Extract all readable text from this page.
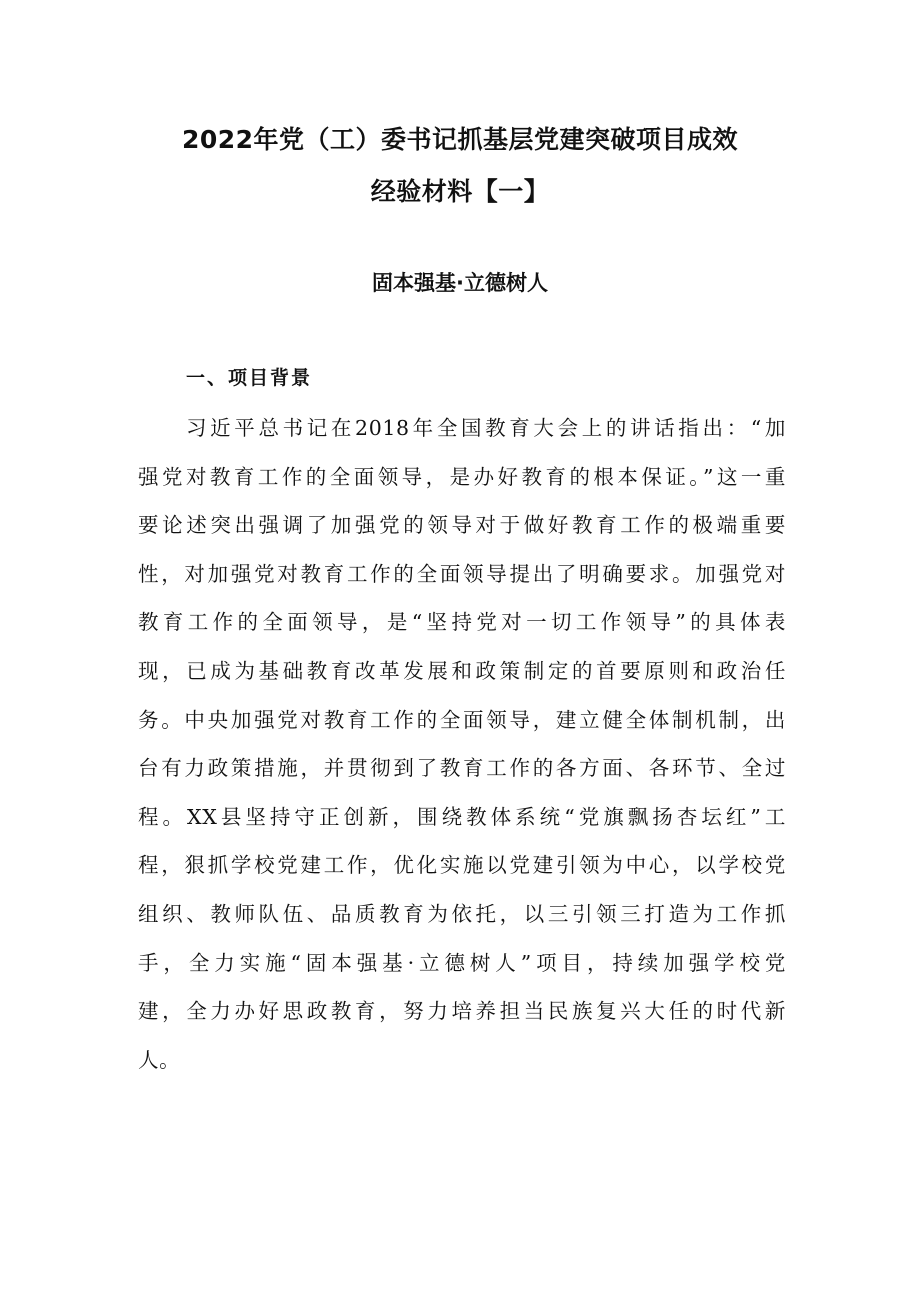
2022年党（工）委书记抓基层党建突破项目成效
经验材料【一】
固本强基·立德树人
一、项目背景
习近平总书记在2018年全国教育大会上的讲话指出：“加
强党对教育工作的全面领导，是办好教育的根本保证。”这一重
要论述突出强调了加强党的领导对于做好教育工作的极端重要
性，对加强党对教育工作的全面领导提出了明确要求。加强党对
教育工作的全面领导，是“坚持党对一切工作领导”的具体表
现，已成为基础教育改革发展和政策制定的首要原则和政治任
务。中央加强党对教育工作的全面领导，建立健全体制机制，出
台有力政策措施，并贯彻到了教育工作的各方面、各环节、全过
程。XX县坚持守正创新，围绕教体系统“党旗飘扬杏坛红”工
程，狠抓学校党建工作，优化实施以党建引领为中心，以学校党
组织、教师队伍、品质教育为依托，以三引领三打造为工作抓
手，全力实施“固本强基·立德树人”项目，持续加强学校党
建，全力办好思政教育，努力培养担当民族复兴大任的时代新
人。
